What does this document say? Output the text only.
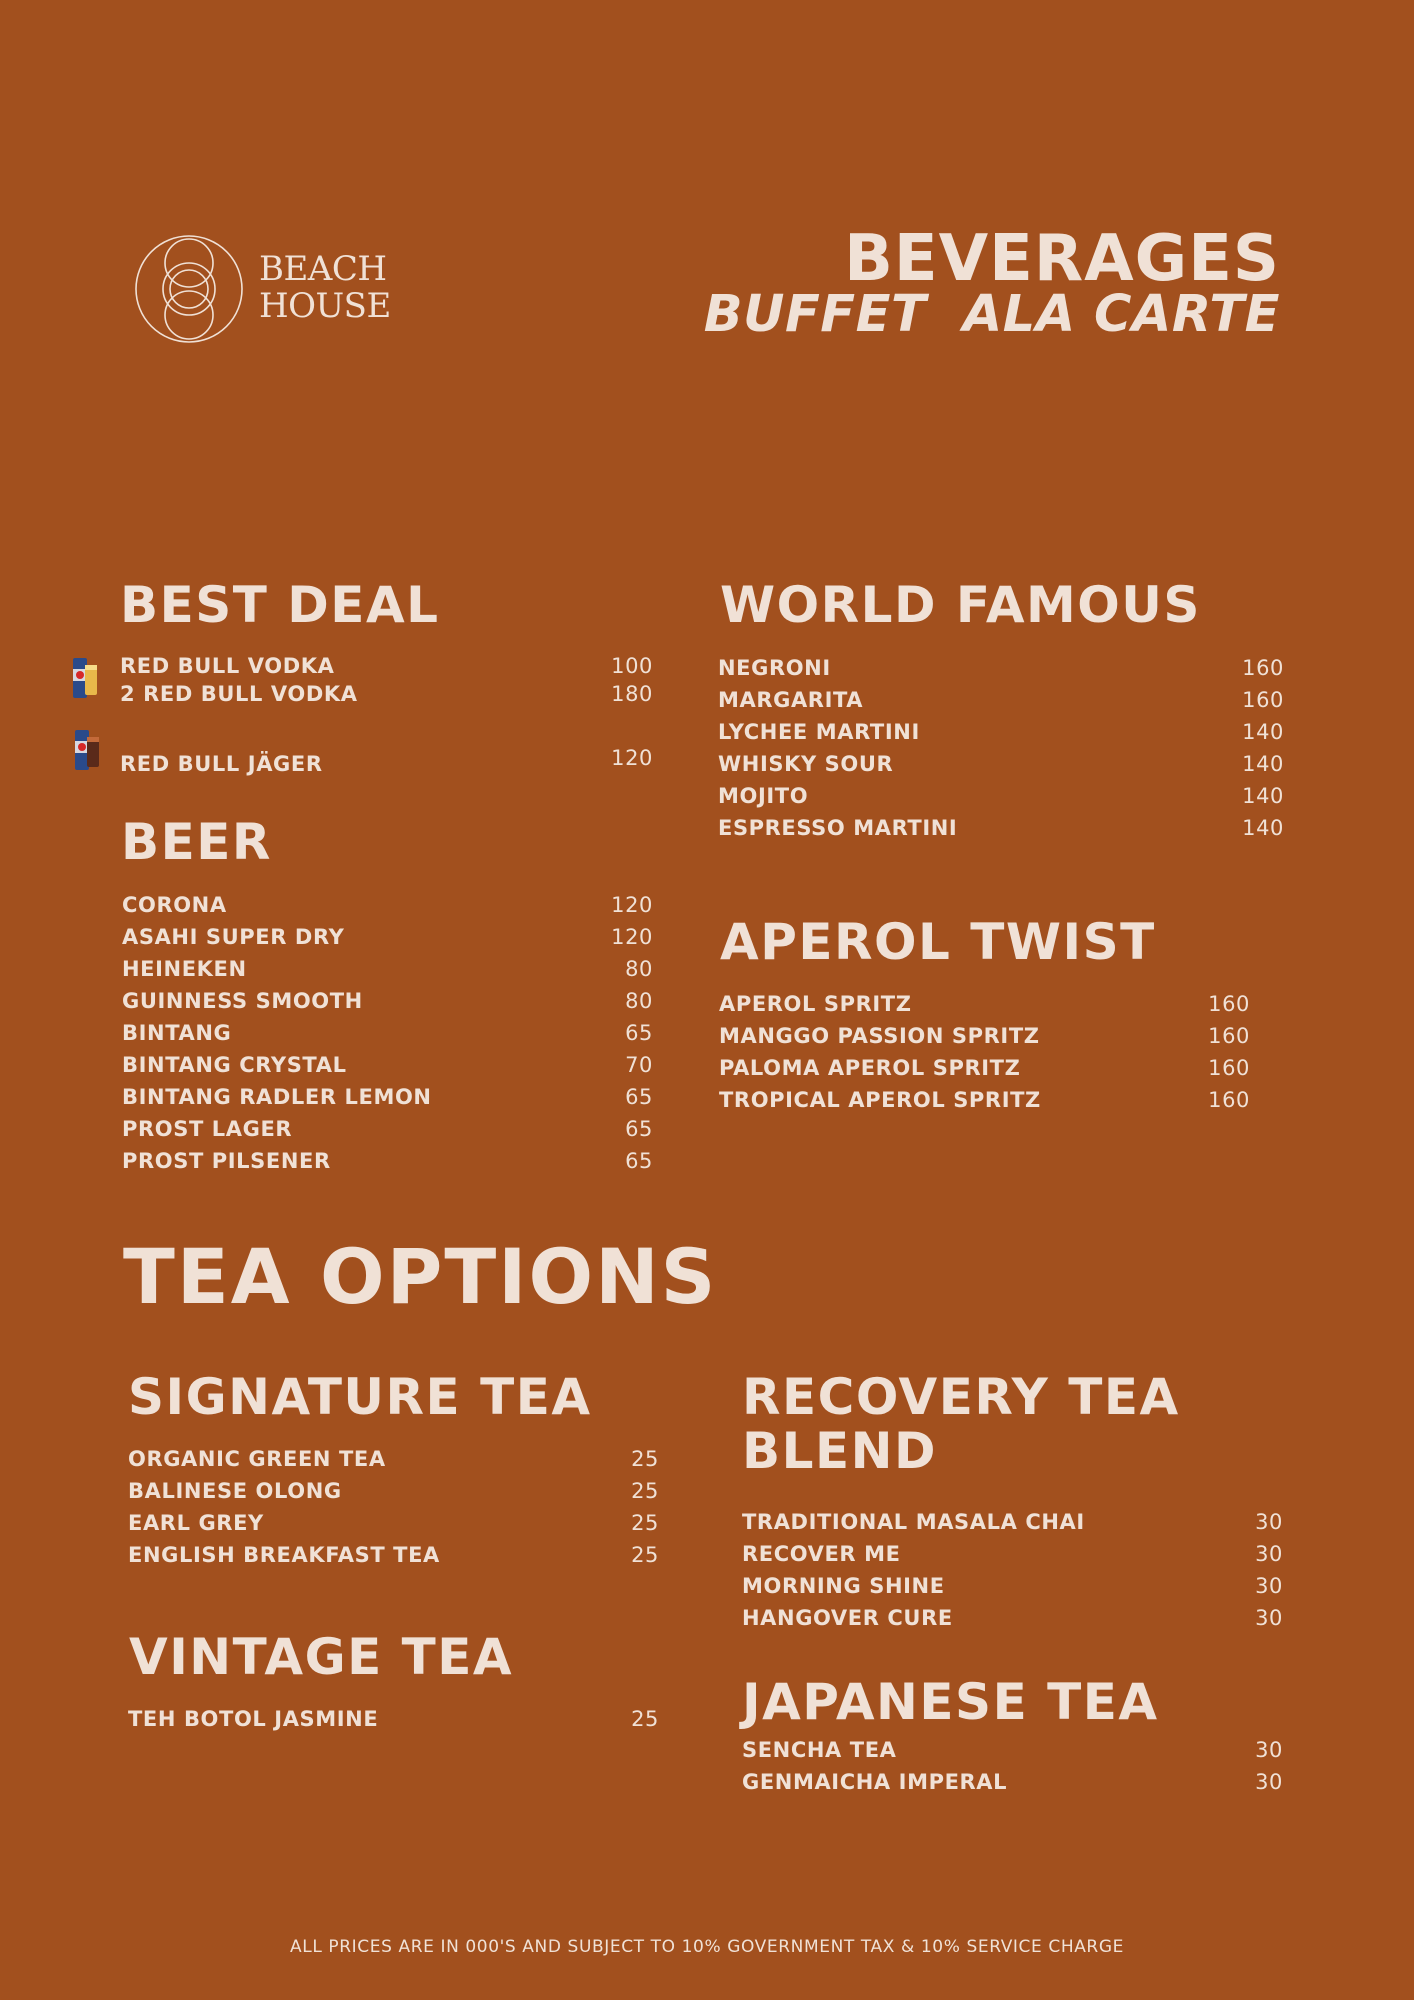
BEACH
HOUSE
BEVERAGES
BUFFET  ALA CARTE
BEST DEAL
RED BULL VODKA	100
2 RED BULL VODKA	180
RED BULL JÄGER	120
BEER
CORONA	120
ASAHI SUPER DRY	120
HEINEKEN	80
GUINNESS SMOOTH	80
BINTANG	65
BINTANG CRYSTAL	70
BINTANG RADLER LEMON	65
PROST LAGER	65
PROST PILSENER	65
WORLD FAMOUS
NEGRONI	160
MARGARITA	160
LYCHEE MARTINI	140
WHISKY SOUR	140
MOJITO	140
ESPRESSO MARTINI	140
APEROL TWIST
APEROL SPRITZ	160
MANGGO PASSION SPRITZ	160
PALOMA APEROL SPRITZ	160
TROPICAL APEROL SPRITZ	160
TEA OPTIONS
SIGNATURE TEA
ORGANIC GREEN TEA	25
BALINESE OLONG	25
EARL GREY	25
ENGLISH BREAKFAST TEA	25
VINTAGE TEA
TEH BOTOL JASMINE	25
RECOVERY TEA BLEND
TRADITIONAL MASALA CHAI	30
RECOVER ME	30
MORNING SHINE	30
HANGOVER CURE	30
JAPANESE TEA
SENCHA TEA	30
GENMAICHA IMPERAL	30
ALL PRICES ARE IN 000'S AND SUBJECT TO 10% GOVERNMENT TAX & 10% SERVICE CHARGE
